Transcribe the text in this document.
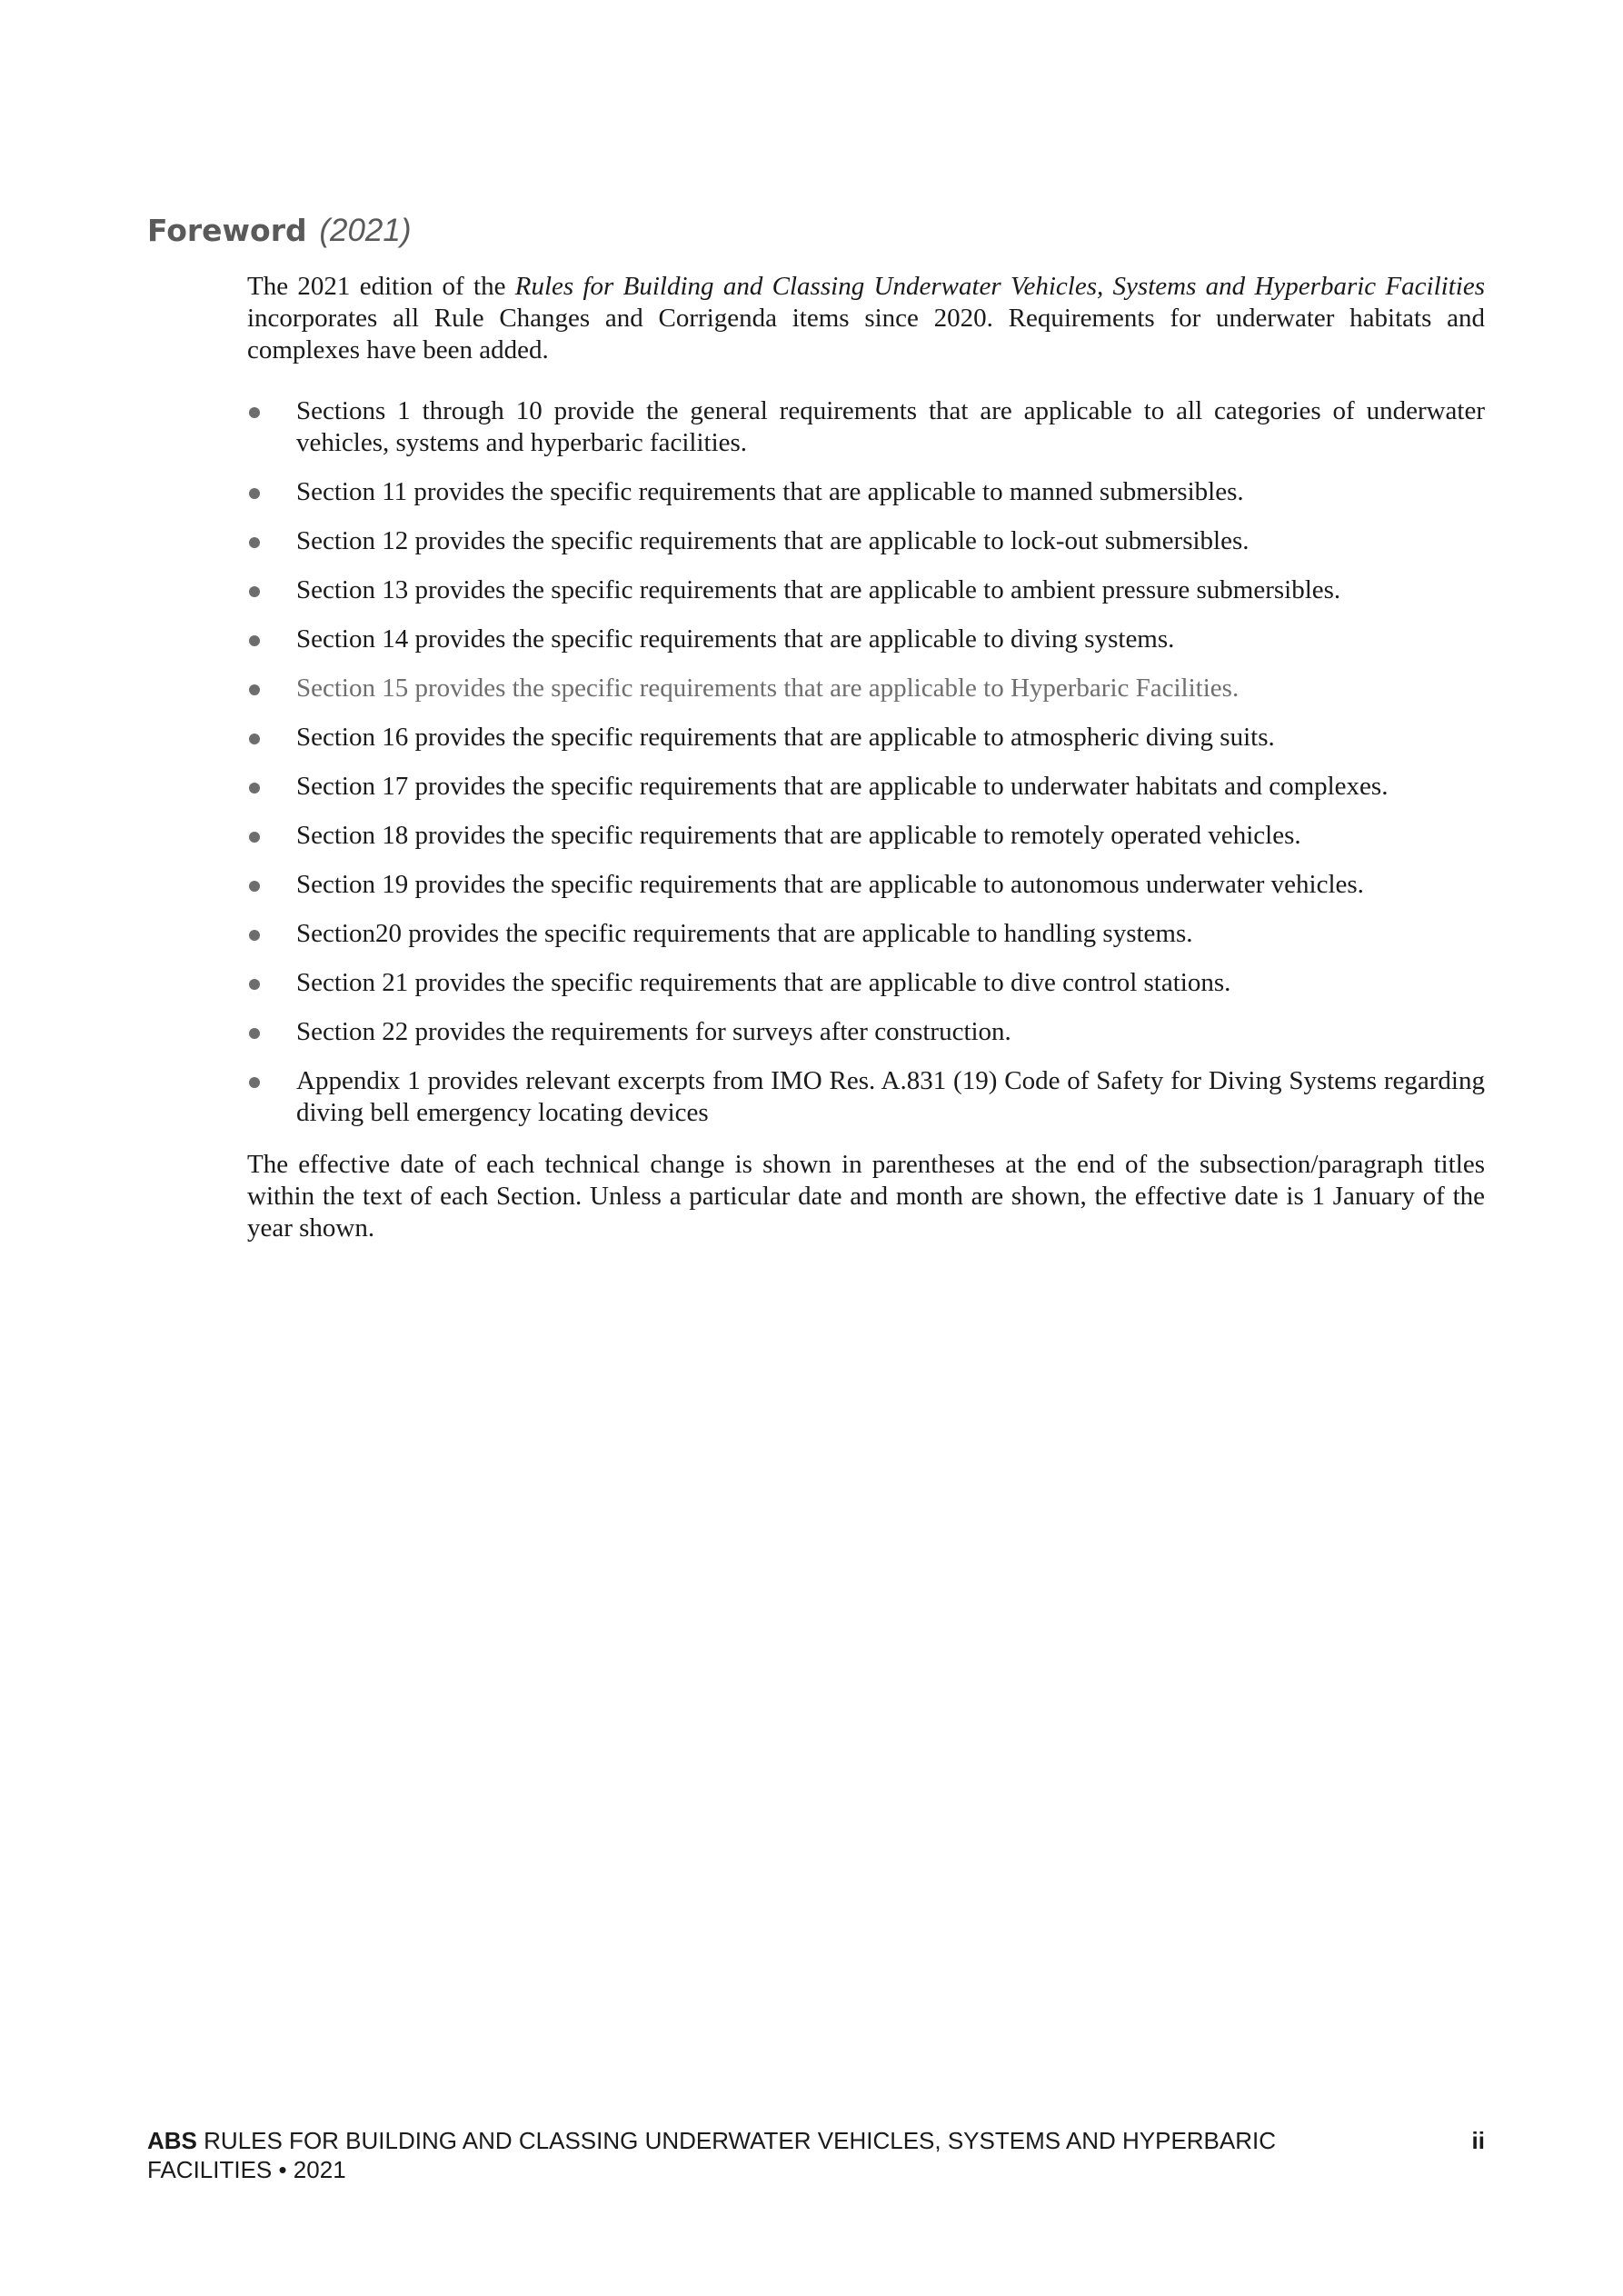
Foreword (2021)

The 2021 edition of the Rules for Building and Classing Underwater Vehicles, Systems and Hyperbaric Facilities incorporates all Rule Changes and Corrigenda items since 2020. Requirements for underwater habitats and complexes have been added.

Sections 1 through 10 provide the general requirements that are applicable to all categories of underwater vehicles, systems and hyperbaric facilities.
Section 11 provides the specific requirements that are applicable to manned submersibles.
Section 12 provides the specific requirements that are applicable to lock-out submersibles.
Section 13 provides the specific requirements that are applicable to ambient pressure submersibles.
Section 14 provides the specific requirements that are applicable to diving systems.
Section 15 provides the specific requirements that are applicable to Hyperbaric Facilities.
Section 16 provides the specific requirements that are applicable to atmospheric diving suits.
Section 17 provides the specific requirements that are applicable to underwater habitats and complexes.
Section 18 provides the specific requirements that are applicable to remotely operated vehicles.
Section 19 provides the specific requirements that are applicable to autonomous underwater vehicles.
Section20 provides the specific requirements that are applicable to handling systems.
Section 21 provides the specific requirements that are applicable to dive control stations.
Section 22 provides the requirements for surveys after construction.
Appendix 1 provides relevant excerpts from IMO Res. A.831 (19) Code of Safety for Diving Systems regarding diving bell emergency locating devices

The effective date of each technical change is shown in parentheses at the end of the subsection/paragraph titles within the text of each Section. Unless a particular date and month are shown, the effective date is 1 January of the year shown.

ABS RULES FOR BUILDING AND CLASSING UNDERWATER VEHICLES, SYSTEMS AND HYPERBARIC FACILITIES • 2021
ii
